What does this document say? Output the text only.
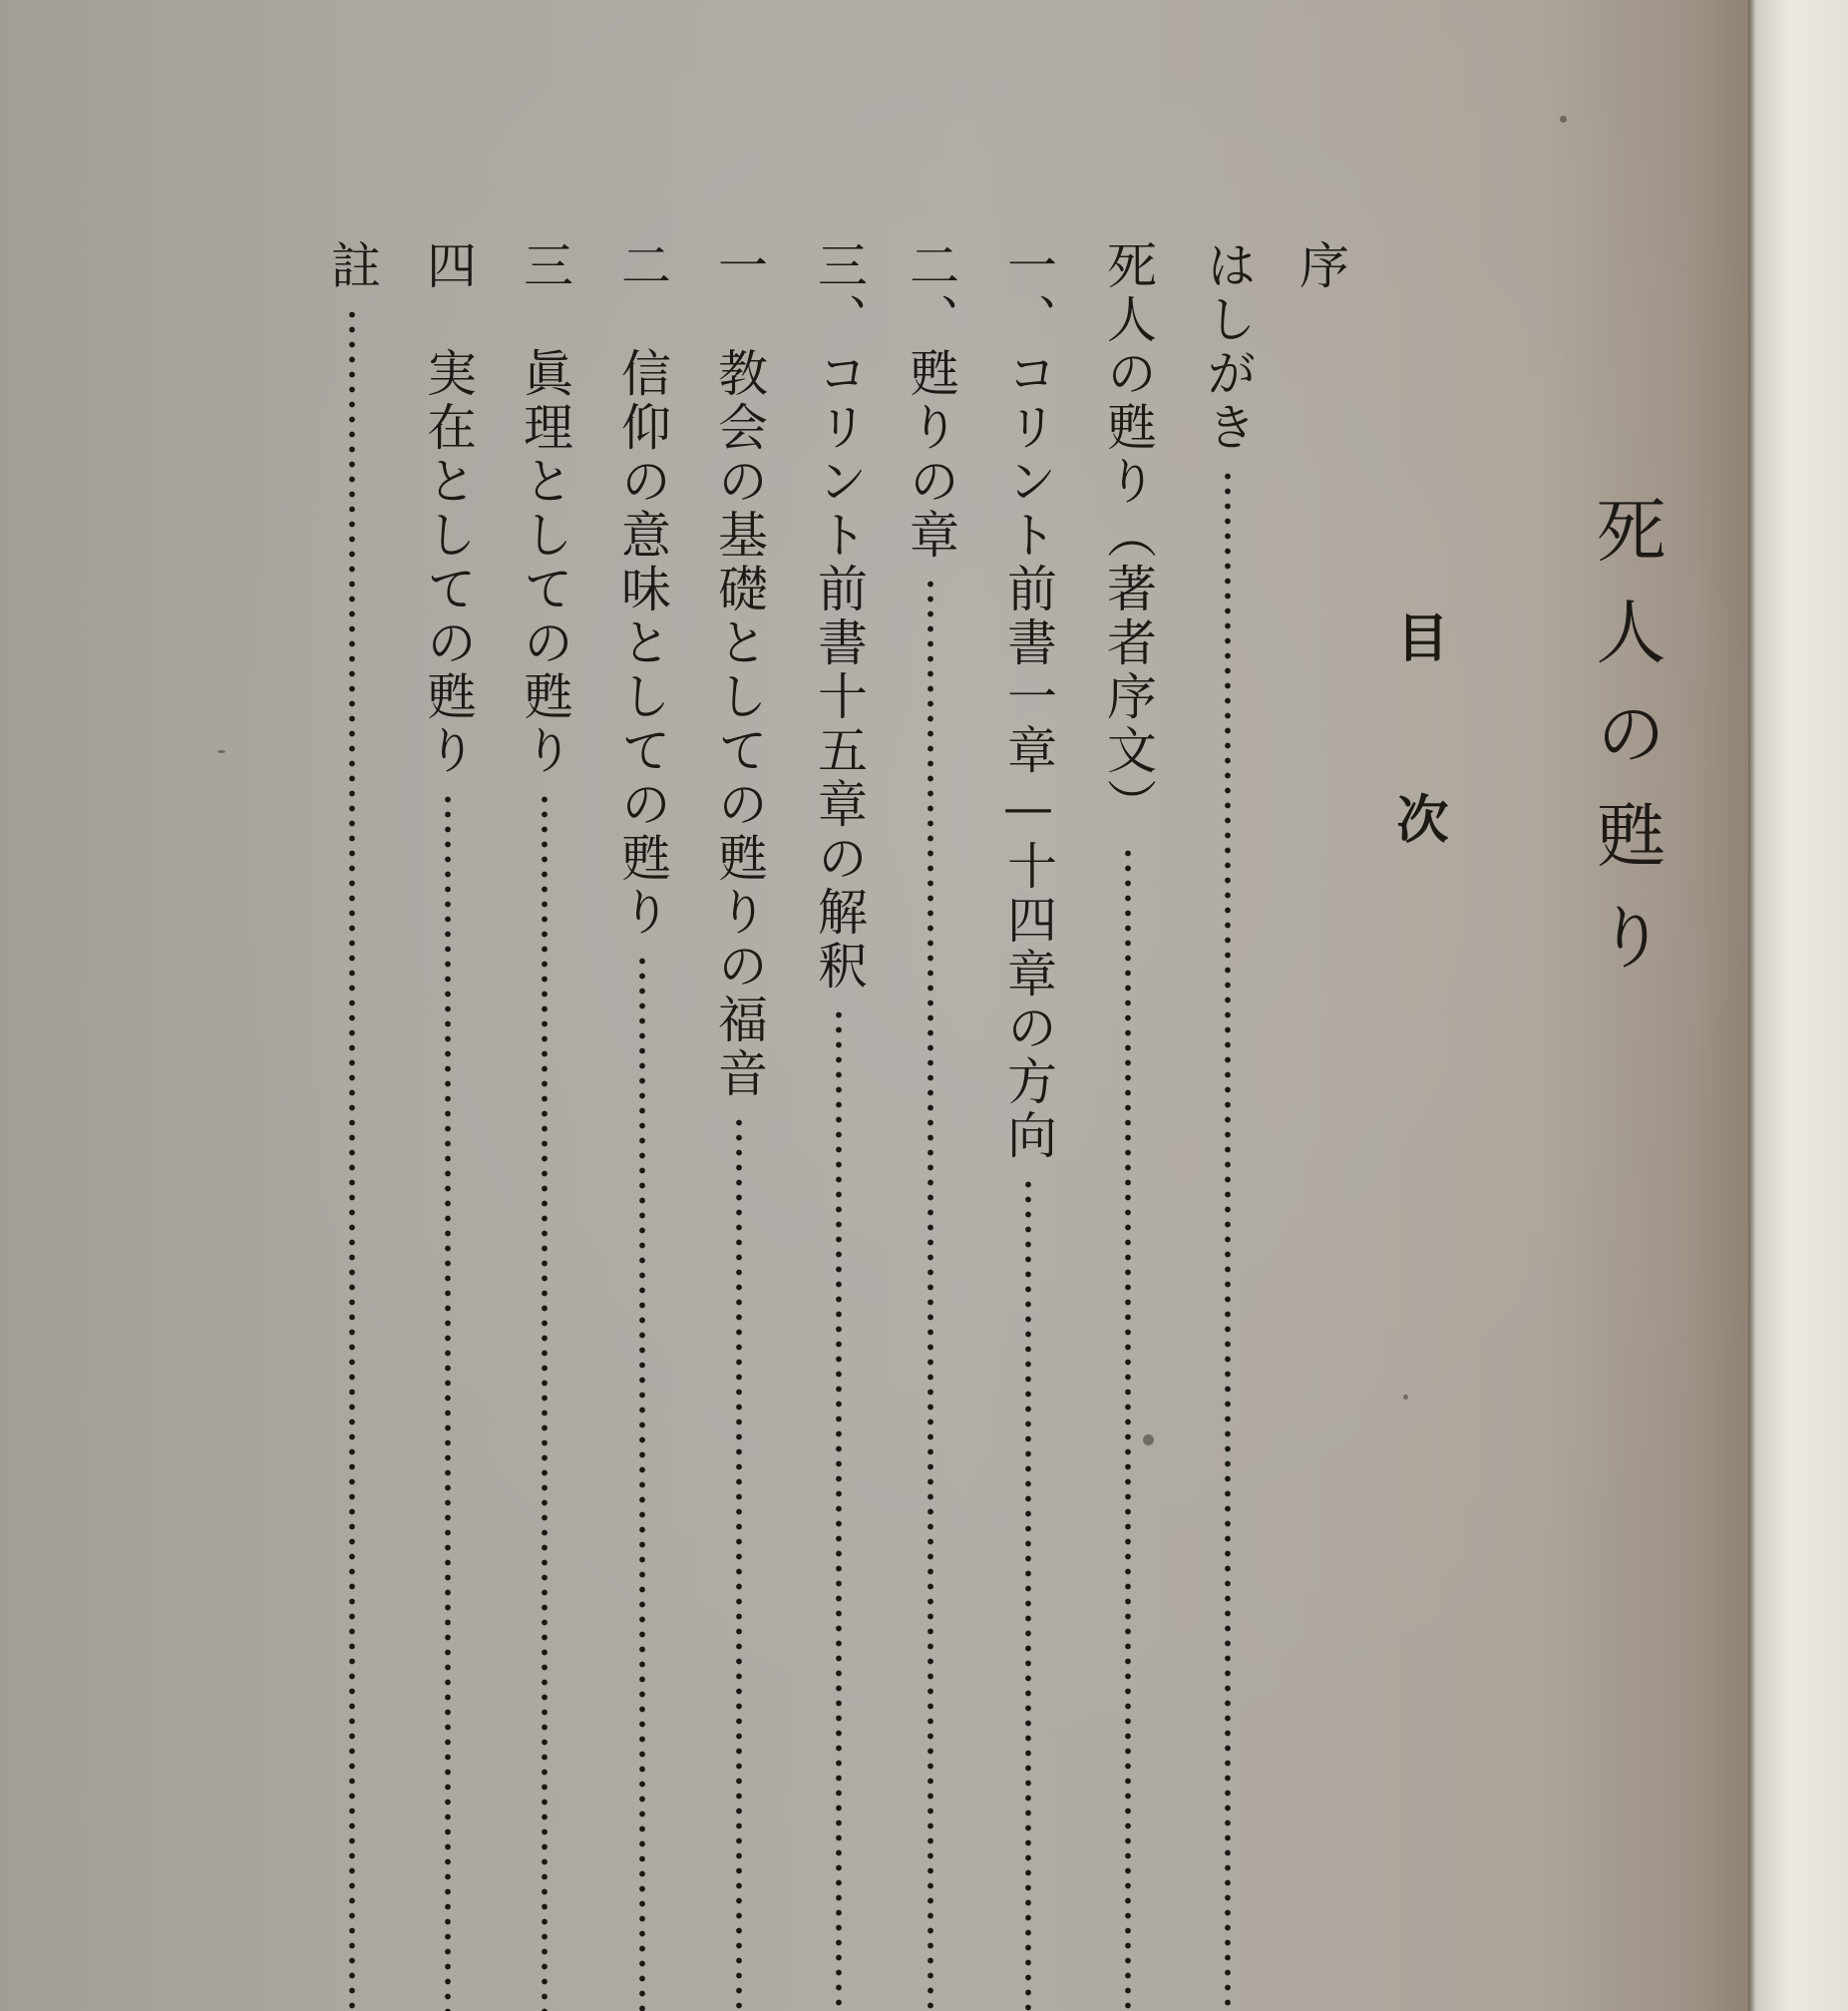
死人の甦り
目次
序
はしがき
死人の甦り（著者序文）
一、コリント前書一章—十四章の方向
二、甦りの章
三、コリント前書十五章の解釈
一　教会の基礎としての甦りの福音
二　信仰の意味としての甦り
三　眞理としての甦り
四　実在としての甦り
註
